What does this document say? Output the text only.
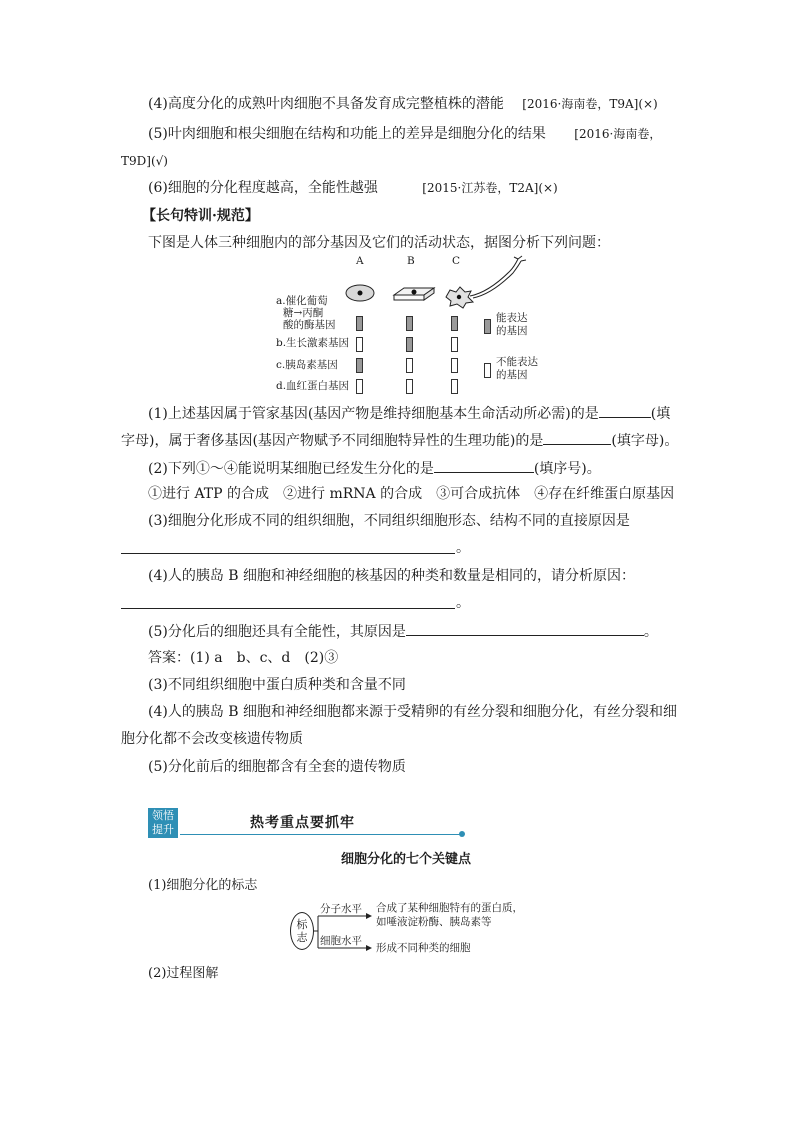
(4)高度分化的成熟叶肉细胞不具备发育成完整植株的潜能 [2016·海南卷，T9A](×)
(5)叶肉细胞和根尖细胞在结构和功能上的差异是细胞分化的结果 [2016·海南卷，
T9D](√)
(6)细胞的分化程度越高，全能性越强	[2015·江苏卷，T2A](×)
【长句特训·规范】
下图是人体三种细胞内的部分基因及它们的活动状态，据图分析下列问题：
A	B	C
a.催化葡萄
糖→丙酮
酸的酶基因
b.生长激素基因
c.胰岛素基因
d.血红蛋白基因
能表达
的基因
不能表达
的基因
(1)上述基因属于管家基因(基因产物是维持细胞基本生命活动所必需)的是	(填
字母)，属于奢侈基因(基因产物赋予不同细胞特异性的生理功能)的是	(填字母)。
(2)下列①～④能说明某细胞已经发生分化的是	(填序号)。
①进行 ATP 的合成　②进行 mRNA 的合成　③可合成抗体　④存在纤维蛋白原基因
(3)细胞分化形成不同的组织细胞，不同组织细胞形态、结构不同的直接原因是
。
(4)人的胰岛 B 细胞和神经细胞的核基因的种类和数量是相同的，请分析原因：
。
(5)分化后的细胞还具有全能性，其原因是	。
答案：(1) a　b、c、d　(2)③
(3)不同组织细胞中蛋白质种类和含量不同
(4)人的胰岛 B 细胞和神经细胞都来源于受精卵的有丝分裂和细胞分化，有丝分裂和细
胞分化都不会改变核遗传物质
(5)分化前后的细胞都含有全套的遗传物质
领悟
提升	热考重点要抓牢
细胞分化的七个关键点
(1)细胞分化的标志
标
志
分子水平
细胞水平
合成了某种细胞特有的蛋白质，
如唾液淀粉酶、胰岛素等
形成不同种类的细胞
(2)过程图解
